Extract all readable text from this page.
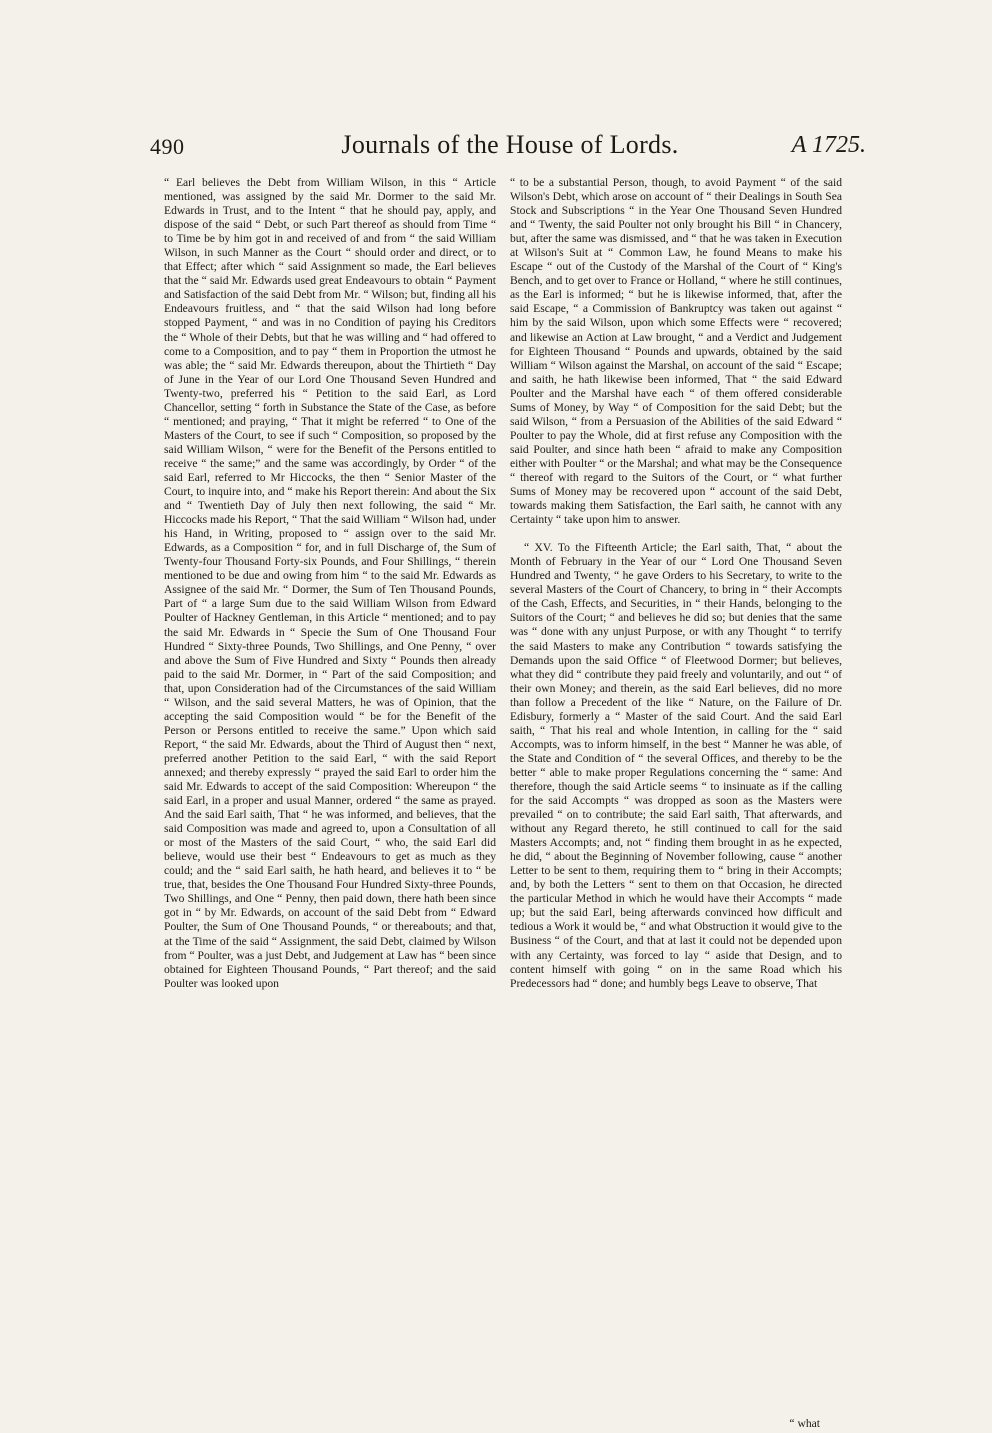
490	Journals of the House of Lords.	A 1725.

“ Earl believes the Debt from William Wilson, in this “ Article mentioned, was assigned by the said Mr. Dormer to the said Mr. Edwards in Trust, and to the Intent “ that he should pay, apply, and dispose of the said “ Debt, or such Part thereof as should from Time “ to Time be by him got in and received of and from “ the said William Wilson, in such Manner as the Court “ should order and direct, or to that Effect; after which “ said Assignment so made, the Earl believes that the “ said Mr. Edwards used great Endeavours to obtain “ Payment and Satisfaction of the said Debt from Mr. “ Wilson; but, finding all his Endeavours fruitless, and “ that the said Wilson had long before stopped Payment, “ and was in no Condition of paying his Creditors the “ Whole of their Debts, but that he was willing and “ had offered to come to a Composition, and to pay “ them in Proportion the utmost he was able; the “ said Mr. Edwards thereupon, about the Thirtieth “ Day of June in the Year of our Lord One Thousand Seven Hundred and Twenty-two, preferred his “ Petition to the said Earl, as Lord Chancellor, setting “ forth in Substance the State of the Case, as before “ mentioned; and praying, “ That it might be referred “ to One of the Masters of the Court, to see if such “ Composition, so proposed by the said William Wilson, “ were for the Benefit of the Persons entitled to receive “ the same;” and the same was accordingly, by Order “ of the said Earl, referred to Mr Hiccocks, the then “ Senior Master of the Court, to inquire into, and “ make his Report therein: And about the Six and “ Twentieth Day of July then next following, the said “ Mr. Hiccocks made his Report, “ That the said William “ Wilson had, under his Hand, in Writing, proposed to “ assign over to the said Mr. Edwards, as a Composition “ for, and in full Discharge of, the Sum of Twenty-four Thousand Forty-six Pounds, and Four Shillings, “ therein mentioned to be due and owing from him “ to the said Mr. Edwards as Assignee of the said Mr. “ Dormer, the Sum of Ten Thousand Pounds, Part of “ a large Sum due to the said William Wilson from Edward Poulter of Hackney Gentleman, in this Article “ mentioned; and to pay the said Mr. Edwards in “ Specie the Sum of One Thousand Four Hundred “ Sixty-three Pounds, Two Shillings, and One Penny, “ over and above the Sum of Five Hundred and Sixty “ Pounds then already paid to the said Mr. Dormer, in “ Part of the said Composition; and that, upon Consideration had of the Circumstances of the said William “ Wilson, and the said several Matters, he was of Opinion, that the accepting the said Composition would “ be for the Benefit of the Person or Persons entitled to receive the same.” Upon which said Report, “ the said Mr. Edwards, about the Third of August then “ next, preferred another Petition to the said Earl, “ with the said Report annexed; and thereby expressly “ prayed the said Earl to order him the said Mr. Edwards to accept of the said Composition: Whereupon “ the said Earl, in a proper and usual Manner, ordered “ the same as prayed. And the said Earl saith, That “ he was informed, and believes, that the said Composition was made and agreed to, upon a Consultation of all or most of the Masters of the said Court, “ who, the said Earl did believe, would use their best “ Endeavours to get as much as they could; and the “ said Earl saith, he hath heard, and believes it to “ be true, that, besides the One Thousand Four Hundred Sixty-three Pounds, Two Shillings, and One “ Penny, then paid down, there hath been since got in “ by Mr. Edwards, on account of the said Debt from “ Edward Poulter, the Sum of One Thousand Pounds, “ or thereabouts; and that, at the Time of the said “ Assignment, the said Debt, claimed by Wilson from “ Poulter, was a just Debt, and Judgement at Law has “ been since obtained for Eighteen Thousand Pounds, “ Part thereof; and the said Poulter was looked upon

“ to be a substantial Person, though, to avoid Payment “ of the said Wilson's Debt, which arose on account of “ their Dealings in South Sea Stock and Subscriptions “ in the Year One Thousand Seven Hundred and “ Twenty, the said Poulter not only brought his Bill “ in Chancery, but, after the same was dismissed, and “ that he was taken in Execution at Wilson's Suit at “ Common Law, he found Means to make his Escape “ out of the Custody of the Marshal of the Court of “ King's Bench, and to get over to France or Holland, “ where he still continues, as the Earl is informed; “ but he is likewise informed, that, after the said Escape, “ a Commission of Bankruptcy was taken out against “ him by the said Wilson, upon which some Effects were “ recovered; and likewise an Action at Law brought, “ and a Verdict and Judgement for Eighteen Thousand “ Pounds and upwards, obtained by the said William “ Wilson against the Marshal, on account of the said “ Escape; and saith, he hath likewise been informed, That “ the said Edward Poulter and the Marshal have each “ of them offered considerable Sums of Money, by Way “ of Composition for the said Debt; but the said Wilson, “ from a Persuasion of the Abilities of the said Edward “ Poulter to pay the Whole, did at first refuse any Composition with the said Poulter, and since hath been “ afraid to make any Composition either with Poulter “ or the Marshal; and what may be the Consequence “ thereof with regard to the Suitors of the Court, or “ what further Sums of Money may be recovered upon “ account of the said Debt, towards making them Satisfaction, the Earl saith, he cannot with any Certainty “ take upon him to answer.

“ XV. To the Fifteenth Article; the Earl saith, That, “ about the Month of February in the Year of our “ Lord One Thousand Seven Hundred and Twenty, “ he gave Orders to his Secretary, to write to the several Masters of the Court of Chancery, to bring in “ their Accompts of the Cash, Effects, and Securities, in “ their Hands, belonging to the Suitors of the Court; “ and believes he did so; but denies that the same was “ done with any unjust Purpose, or with any Thought “ to terrify the said Masters to make any Contribution “ towards satisfying the Demands upon the said Office “ of Fleetwood Dormer; but believes, what they did “ contribute they paid freely and voluntarily, and out “ of their own Money; and therein, as the said Earl believes, did no more than follow a Precedent of the like “ Nature, on the Failure of Dr. Edisbury, formerly a “ Master of the said Court. And the said Earl saith, “ That his real and whole Intention, in calling for the “ said Accompts, was to inform himself, in the best “ Manner he was able, of the State and Condition of “ the several Offices, and thereby to be the better “ able to make proper Regulations concerning the “ same: And therefore, though the said Article seems “ to insinuate as if the calling for the said Accompts “ was dropped as soon as the Masters were prevailed “ on to contribute; the said Earl saith, That afterwards, and without any Regard thereto, he still continued to call for the said Masters Accompts; and, not “ finding them brought in as he expected, he did, “ about the Beginning of November following, cause “ another Letter to be sent to them, requiring them to “ bring in their Accompts; and, by both the Letters “ sent to them on that Occasion, he directed the particular Method in which he would have their Accompts “ made up; but the said Earl, being afterwards convinced how difficult and tedious a Work it would be, “ and what Obstruction it would give to the Business “ of the Court, and that at last it could not be depended upon with any Certainty, was forced to lay “ aside that Design, and to content himself with going “ on in the same Road which his Predecessors had “ done; and humbly begs Leave to observe, That

“ what
